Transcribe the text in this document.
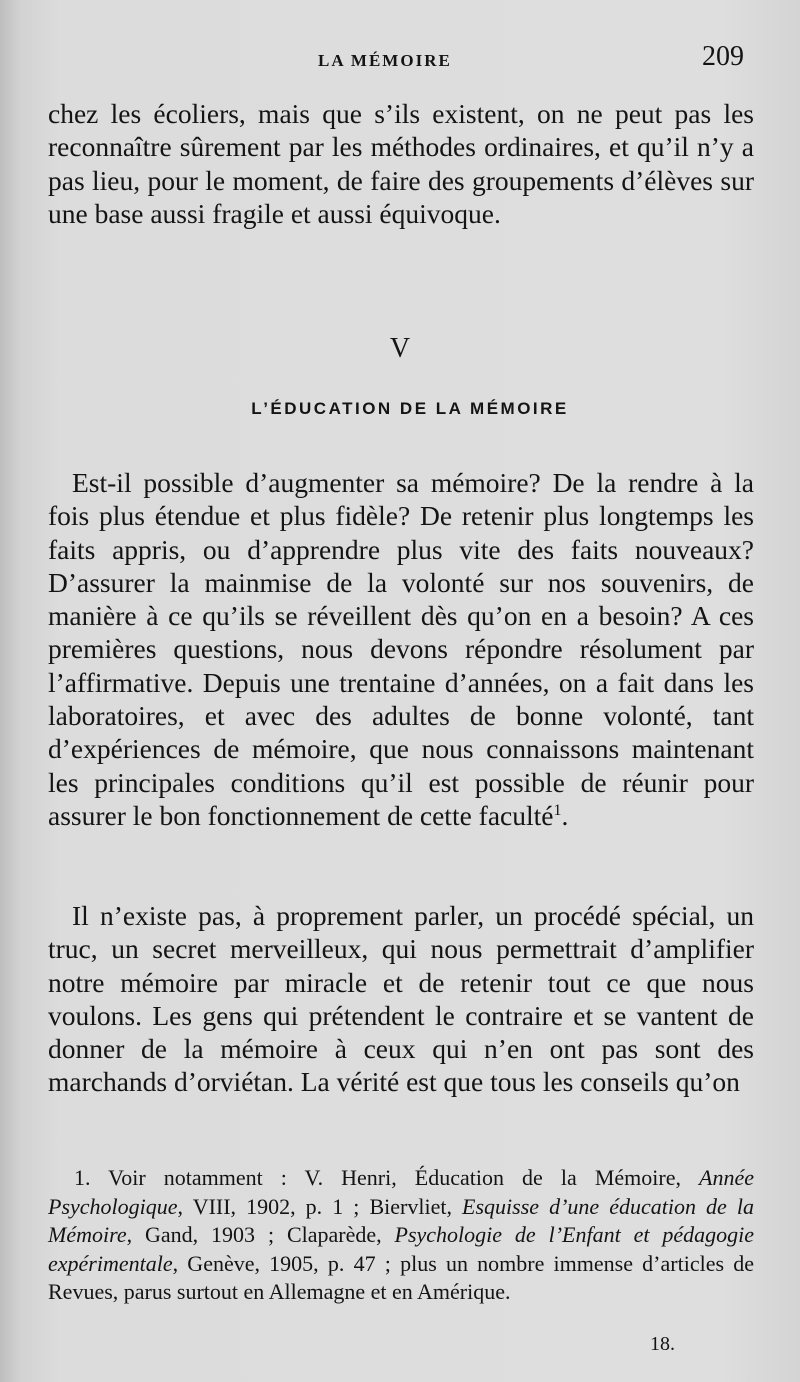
LA MÉMOIRE	209

chez les écoliers, mais que s’ils existent, on ne peut pas les reconnaître sûrement par les méthodes ordinaires, et qu’il n’y a pas lieu, pour le moment, de faire des groupements d’élèves sur une base aussi fragile et aussi équivoque.

V
L’ÉDUCATION DE LA MÉMOIRE

Est-il possible d’augmenter sa mémoire? De la rendre à la fois plus étendue et plus fidèle? De retenir plus longtemps les faits appris, ou d’apprendre plus vite des faits nouveaux? D’assurer la mainmise de la volonté sur nos souvenirs, de manière à ce qu’ils se réveillent dès qu’on en a besoin? A ces premières questions, nous devons répondre résolument par l’affirmative. Depuis une trentaine d’années, on a fait dans les laboratoires, et avec des adultes de bonne volonté, tant d’expériences de mémoire, que nous connaissons maintenant les principales conditions qu’il est possible de réunir pour assurer le bon fonctionnement de cette faculté$^1$.

Il n’existe pas, à proprement parler, un procédé spécial, un truc, un secret merveilleux, qui nous permettrait d’amplifier notre mémoire par miracle et de retenir tout ce que nous voulons. Les gens qui prétendent le contraire et se vantent de donner de la mémoire à ceux qui n’en ont pas sont des marchands d’orviétan. La vérité est que tous les conseils qu’on

1. Voir notamment : V. Henri, Éducation de la Mémoire, Année Psychologique, VIII, 1902, p. 1 ; Biervliet, Esquisse d’une éducation de la Mémoire, Gand, 1903 ; Claparède, Psychologie de l’Enfant et pédagogie expérimentale, Genève, 1905, p. 47 ; plus un nombre immense d’articles de Revues, parus surtout en Allemagne et en Amérique.

18.
